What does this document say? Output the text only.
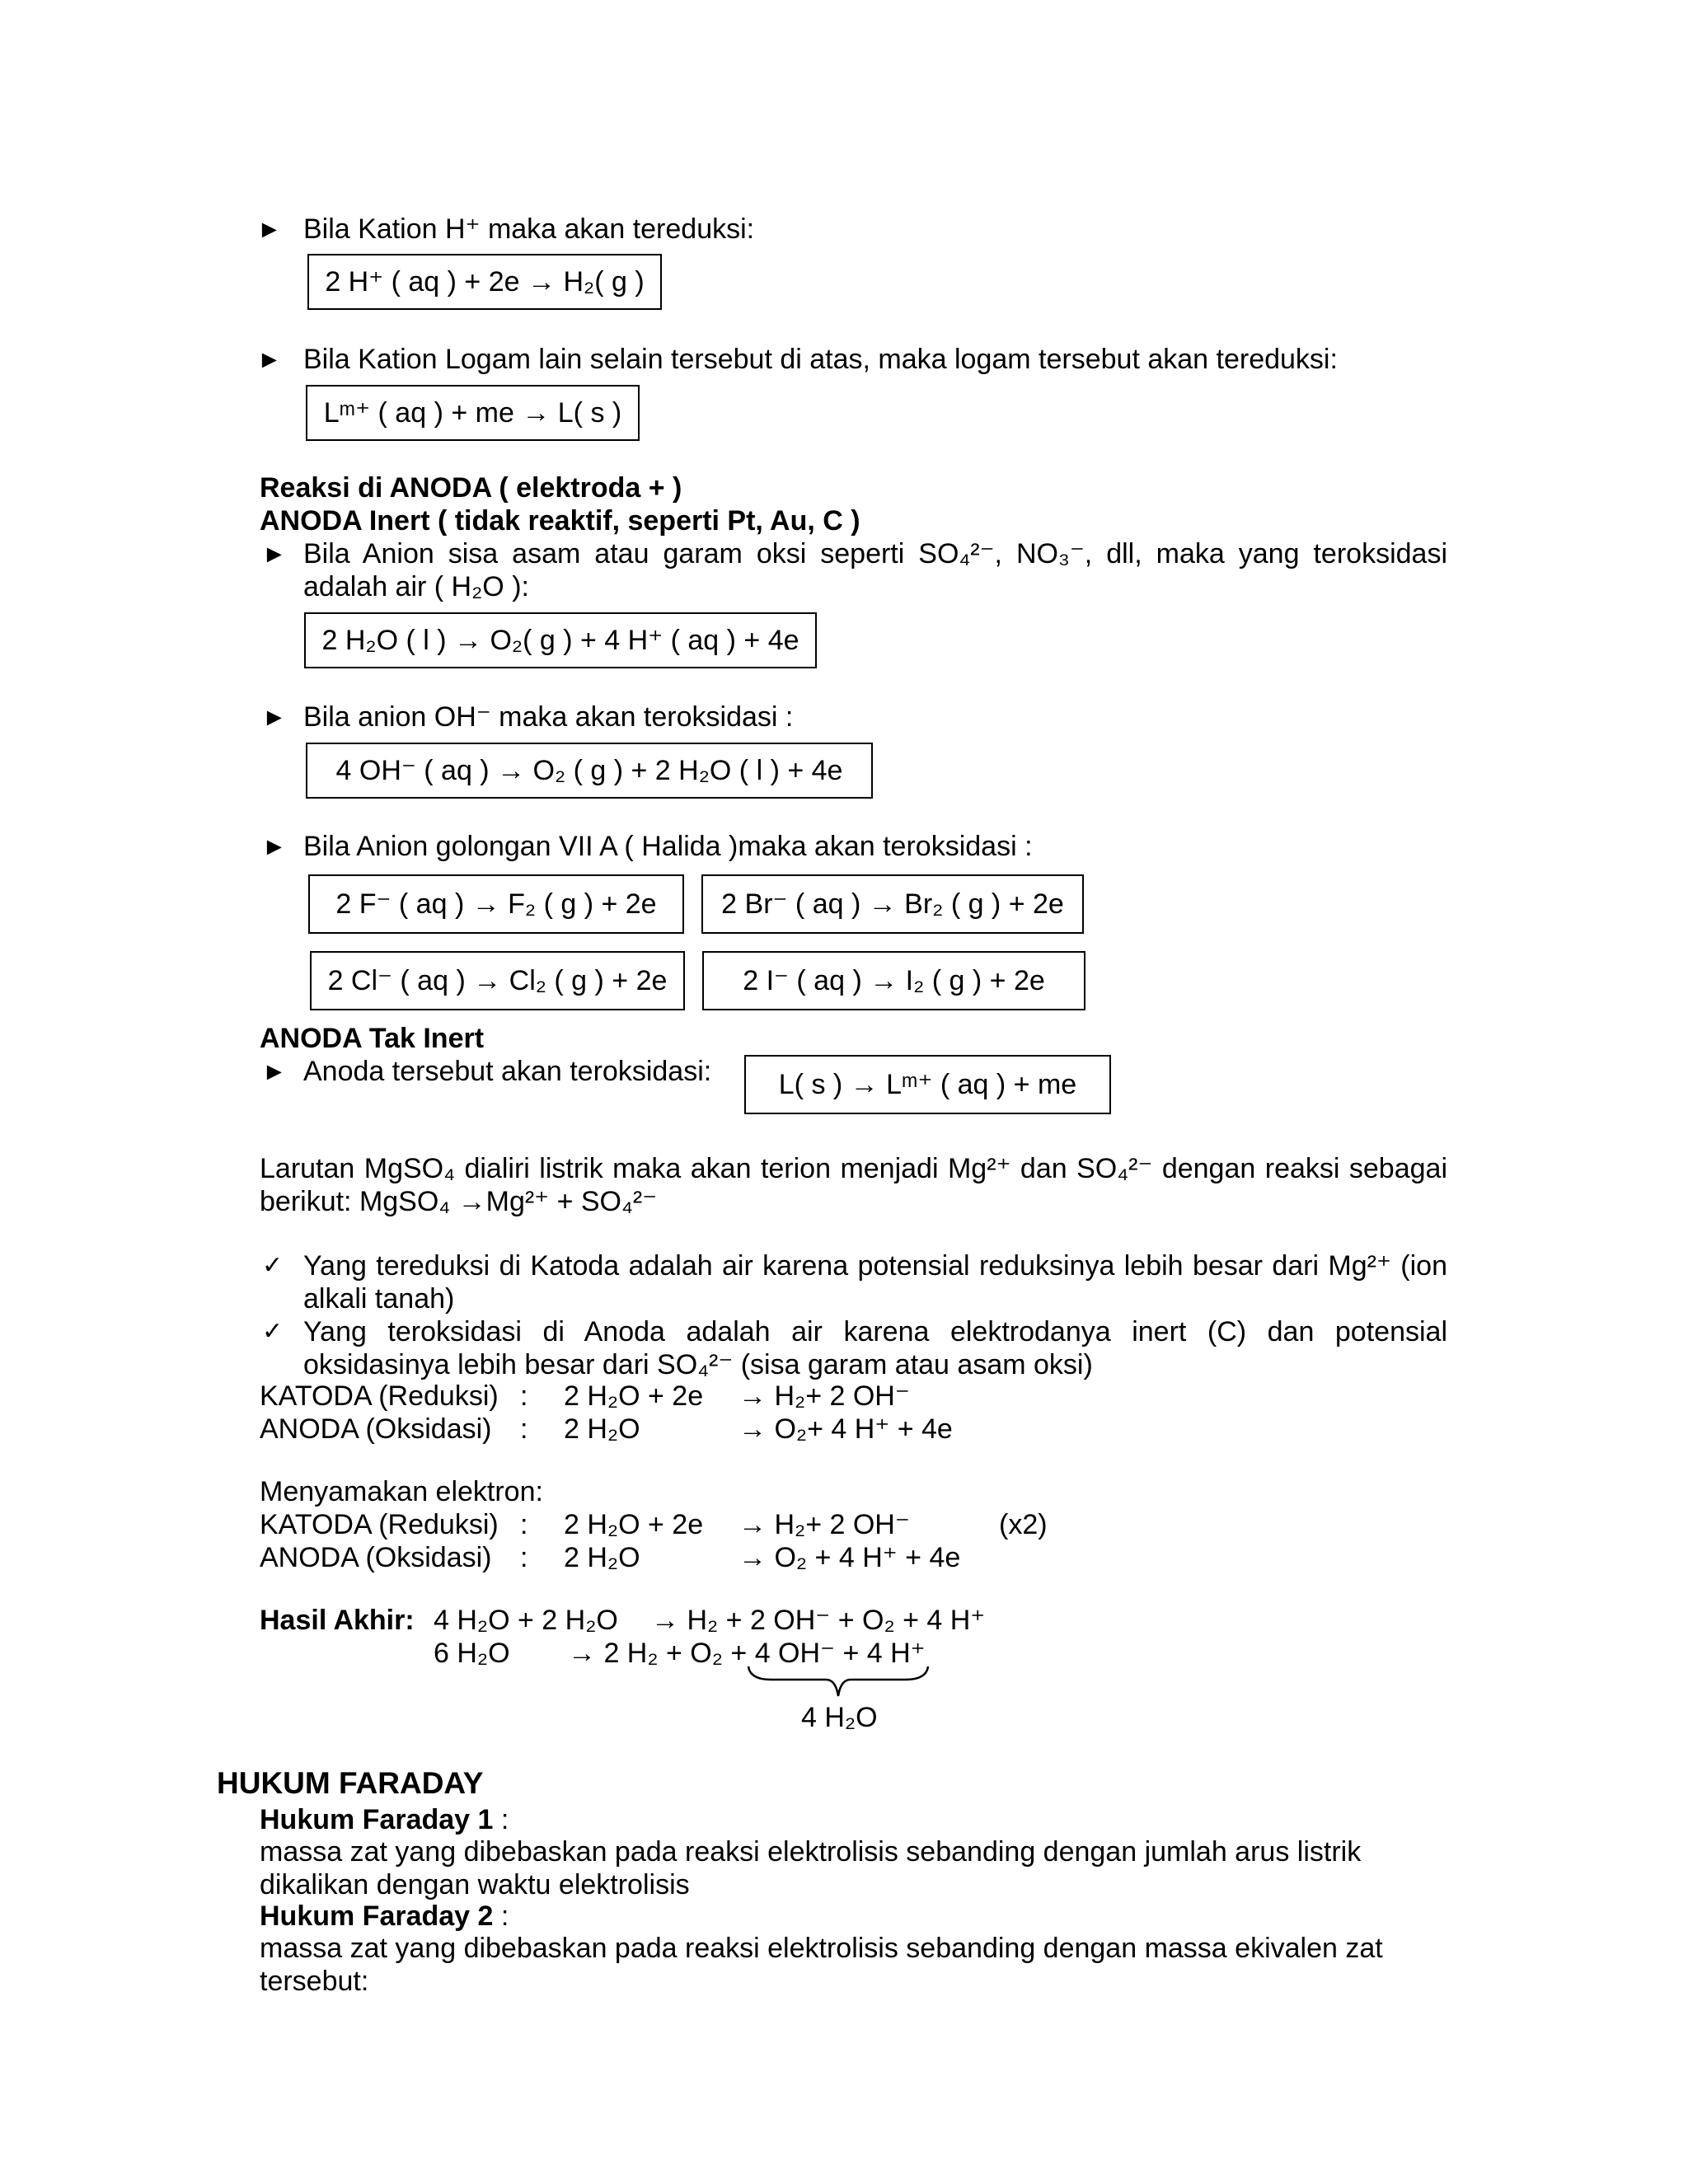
► Bila Kation H⁺ maka akan tereduksi:
2 H⁺ ( aq ) + 2e → H₂( g )
► Bila Kation Logam lain selain tersebut di atas, maka logam tersebut akan tereduksi:
Lᵐ⁺ ( aq ) + me → L( s )
Reaksi di ANODA ( elektroda + )
ANODA Inert ( tidak reaktif, seperti Pt, Au, C )
► Bila Anion sisa asam atau garam oksi seperti SO₄²⁻, NO₃⁻, dll, maka yang teroksidasi
adalah air ( H₂O ):
2 H₂O ( l ) → O₂( g ) + 4 H⁺ ( aq ) + 4e
► Bila anion OH⁻ maka akan teroksidasi :
4 OH⁻ ( aq ) → O₂ ( g ) + 2 H₂O ( l ) + 4e
► Bila Anion golongan VII A ( Halida )maka akan teroksidasi :
2 F⁻ ( aq ) → F₂ ( g ) + 2e 2 Br⁻ ( aq ) → Br₂ ( g ) + 2e
2 Cl⁻ ( aq ) → Cl₂ ( g ) + 2e	2 I⁻ ( aq ) → I₂ ( g ) + 2e
ANODA Tak Inert
► Anoda tersebut akan teroksidasi: L( s ) → Lᵐ⁺ ( aq ) + me
Larutan MgSO₄ dialiri listrik maka akan terion menjadi Mg²⁺ dan SO₄²⁻ dengan reaksi sebagai
berikut: MgSO₄ →Mg²⁺ + SO₄²⁻
✓ Yang tereduksi di Katoda adalah air karena potensial reduksinya lebih besar dari Mg²⁺ (ion
alkali tanah)
✓ Yang teroksidasi di Anoda adalah air karena elektrodanya inert (C) dan potensial
oksidasinya lebih besar dari SO₄²⁻ (sisa garam atau asam oksi)
KATODA (Reduksi) : 2 H₂O + 2e → H₂+ 2 OH⁻
ANODA (Oksidasi) : 2 H₂O	→ O₂+ 4 H⁺ + 4e
Menyamakan elektron:
KATODA (Reduksi) : 2 H₂O + 2e → H₂+ 2 OH⁻	(x2)
ANODA (Oksidasi) : 2 H₂O	→ O₂ + 4 H⁺ + 4e
Hasil Akhir: 4 H₂O + 2 H₂O → H₂ + 2 OH⁻ + O₂ + 4 H⁺
6 H₂O → 2 H₂ + O₂ + 4 OH⁻ + 4 H⁺
4 H₂O
HUKUM FARADAY
Hukum Faraday 1 :
massa zat yang dibebaskan pada reaksi elektrolisis sebanding dengan jumlah arus listrik
dikalikan dengan waktu elektrolisis
Hukum Faraday 2 :
massa zat yang dibebaskan pada reaksi elektrolisis sebanding dengan massa ekivalen zat
tersebut:
